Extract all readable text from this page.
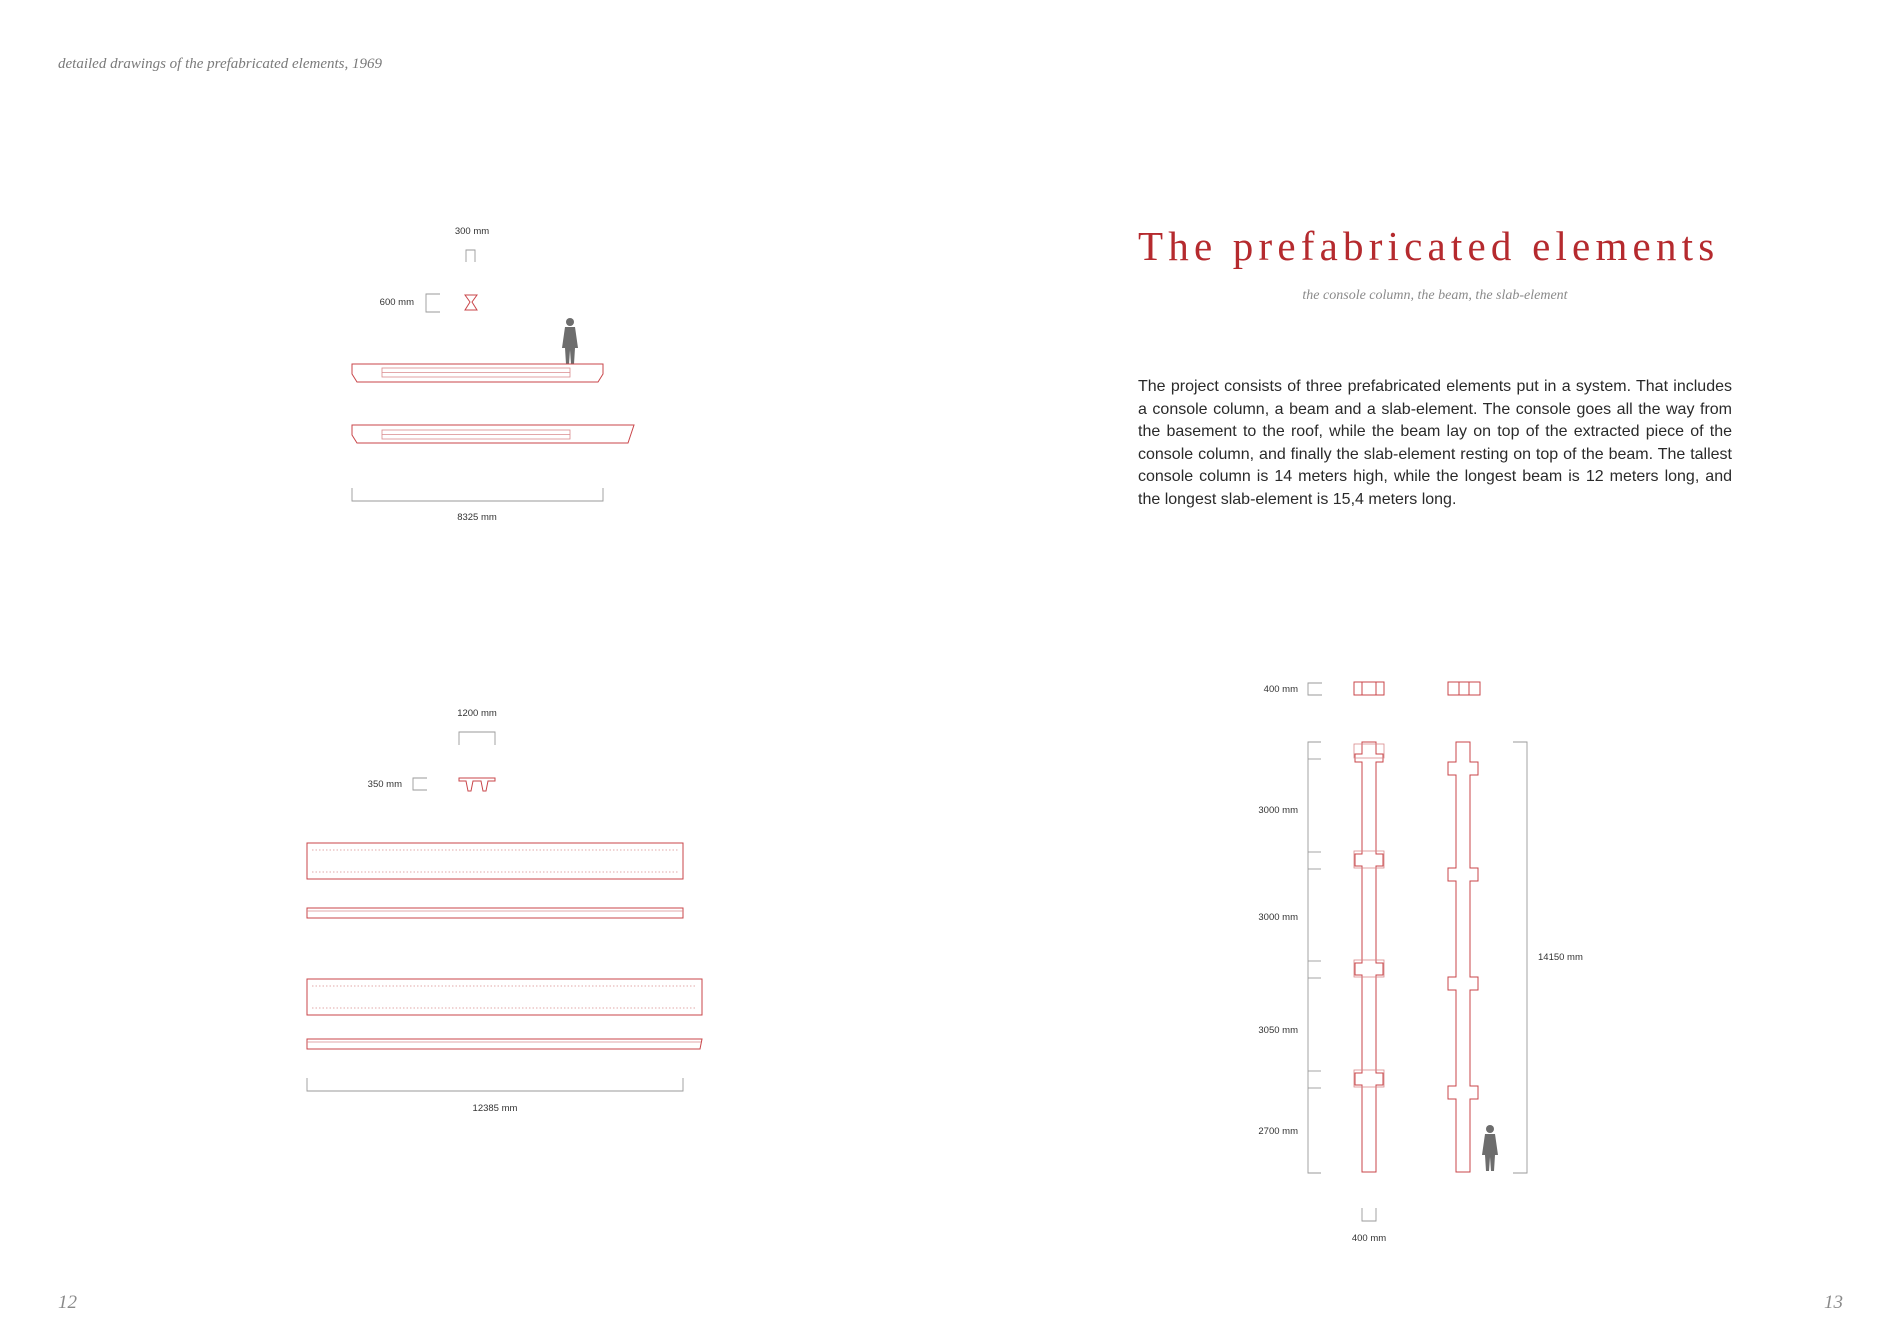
detailed drawings of the prefabricated elements, 1969
The prefabricated elements
the console column, the beam, the slab-element
The project consists of three prefabricated elements put in a system. That includes a console column, a beam and a slab-element. The console goes all the way from the basement to the roof, while the beam lay on top of the extracted piece of the console column, and finally the slab-element resting on top of the beam. The tallest console column is 14 meters high, while the longest beam is 12 meters long, and the longest slab-element is 15,4 meters long.
300 mm
600 mm
8325 mm
1200 mm
350 mm
12385 mm
400 mm
3000 mm
3000 mm
3050 mm
2700 mm
14150 mm
400 mm
12	13
